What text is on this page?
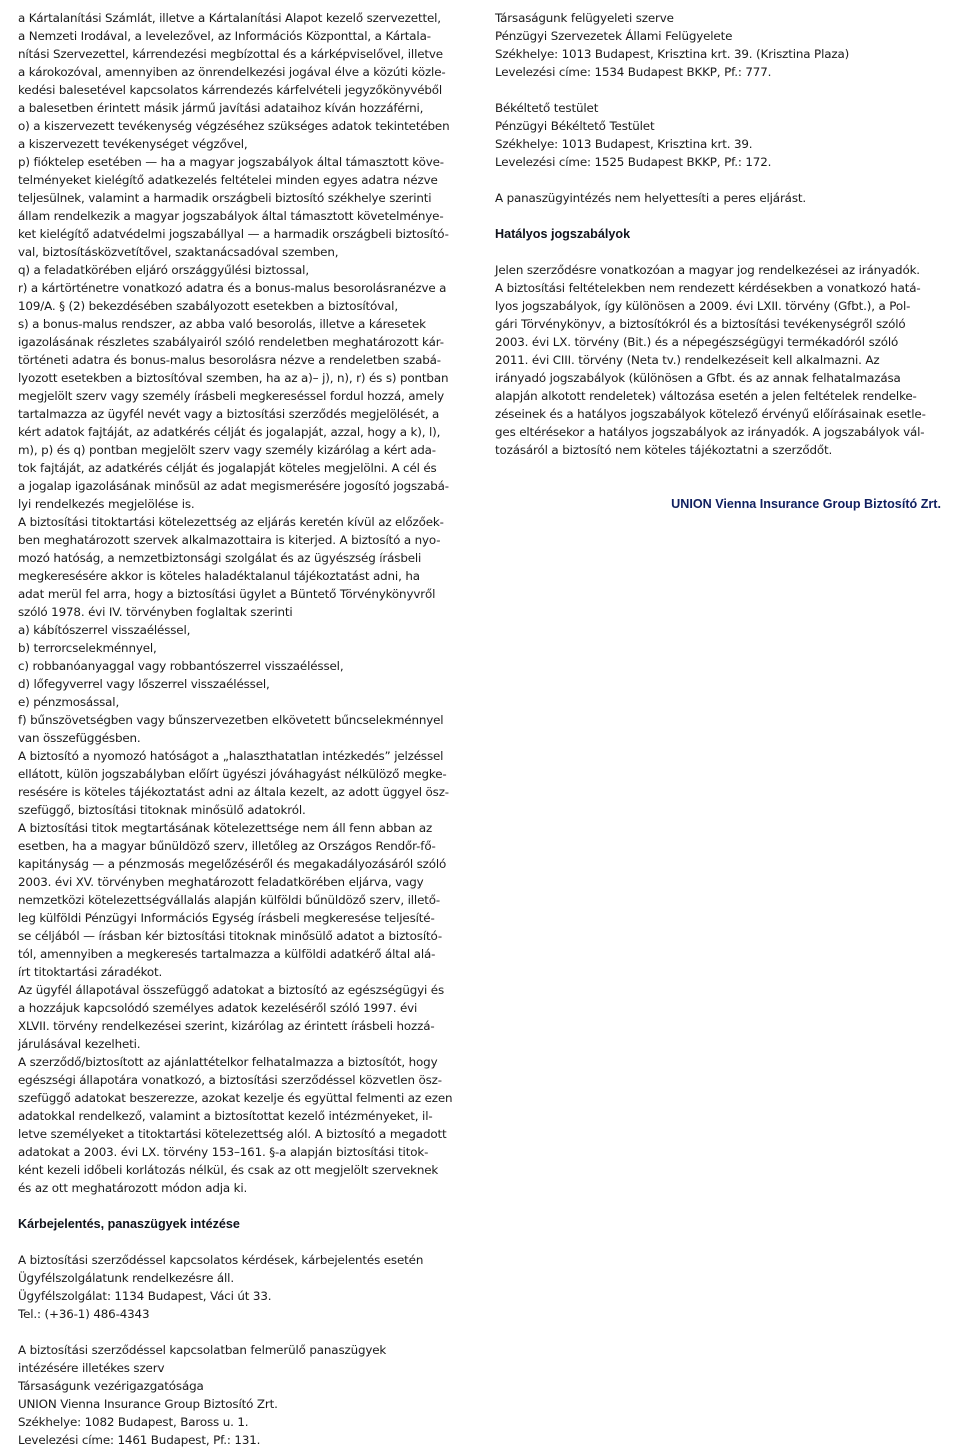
a Kártalanítási Számlát, illetve a Kártalanítási Alapot kezelő szervezettel,
a Nemzeti Irodával, a levelezővel, az Információs Központtal, a Kártala-
nítási Szervezettel, kárrendezési megbízottal és a kárképviselővel, illetve
a károkozóval, amennyiben az önrendelkezési jogával élve a közúti közle-
kedési balesetével kapcsolatos kárrendezés kárfelvételi jegyzőkönyvéből
a balesetben érintett másik jármű javítási adataihoz kíván hozzáférni,
o) a kiszervezett tevékenység végzéséhez szükséges adatok tekintetében
a kiszervezett tevékenységet végzővel,
p) fióktelep esetében — ha a magyar jogszabályok által támasztott köve-
telményeket kielégítő adatkezelés feltételei minden egyes adatra nézve
teljesülnek, valamint a harmadik országbeli biztosító székhelye szerinti
állam rendelkezik a magyar jogszabályok által támasztott követelménye-
ket kielégítő adatvédelmi jogszabállyal — a harmadik országbeli biztosító-
val, biztosításközvetítővel, szaktanácsadóval szemben,
q) a feladatkörében eljáró országgyűlési biztossal,
r) a kártörténetre vonatkozó adatra és a bonus-malus besorolásranézve a
109/A. § (2) bekezdésében szabályozott esetekben a biztosítóval,
s) a bonus-malus rendszer, az abba való besorolás, illetve a káresetek
igazolásának részletes szabályairól szóló rendeletben meghatározott kár-
történeti adatra és bonus-malus besorolásra nézve a rendeletben szabá-
lyozott esetekben a biztosítóval szemben, ha az a)– j), n), r) és s) pontban
megjelölt szerv vagy személy írásbeli megkereséssel fordul hozzá, amely
tartalmazza az ügyfél nevét vagy a biztosítási szerződés megjelölését, a
kért adatok fajtáját, az adatkérés célját és jogalapját, azzal, hogy a k), l),
m), p) és q) pontban megjelölt szerv vagy személy kizárólag a kért ada-
tok fajtáját, az adatkérés célját és jogalapját köteles megjelölni. A cél és
a jogalap igazolásának minősül az adat megismerésére jogosító jogszabá-
lyi rendelkezés megjelölése is.
A biztosítási titoktartási kötelezettség az eljárás keretén kívül az előzőek-
ben meghatározott szervek alkalmazottaira is kiterjed. A biztosító a nyo-
mozó hatóság, a nemzetbiztonsági szolgálat és az ügyészség írásbeli
megkeresésére akkor is köteles haladéktalanul tájékoztatást adni, ha
adat merül fel arra, hogy a biztosítási ügylet a Büntető Törvénykönyvről
szóló 1978. évi IV. törvényben foglaltak szerinti
a) kábítószerrel visszaéléssel,
b) terrorcselekménnyel,
c) robbanóanyaggal vagy robbantószerrel visszaéléssel,
d) lőfegyverrel vagy lőszerrel visszaéléssel,
e) pénzmosással,
f) bűnszövetségben vagy bűnszervezetben elkövetett bűncselekménnyel
van összefüggésben.
A biztosító a nyomozó hatóságot a „halaszthatatlan intézkedés” jelzéssel
ellátott, külön jogszabályban előírt ügyészi jóváhagyást nélkülöző megke-
resésére is köteles tájékoztatást adni az általa kezelt, az adott üggyel ösz-
szefüggő, biztosítási titoknak minősülő adatokról.
A biztosítási titok megtartásának kötelezettsége nem áll fenn abban az
esetben, ha a magyar bűnüldöző szerv, illetőleg az Országos Rendőr-fő-
kapitányság — a pénzmosás megelőzéséről és megakadályozásáról szóló
2003. évi XV. törvényben meghatározott feladatkörében eljárva, vagy
nemzetközi kötelezettségvállalás alapján külföldi bűnüldöző szerv, illető-
leg külföldi Pénzügyi Információs Egység írásbeli megkeresése teljesíté-
se céljából — írásban kér biztosítási titoknak minősülő adatot a biztosító-
tól, amennyiben a megkeresés tartalmazza a külföldi adatkérő által alá-
írt titoktartási záradékot.
Az ügyfél állapotával összefüggő adatokat a biztosító az egészségügyi és
a hozzájuk kapcsolódó személyes adatok kezeléséről szóló 1997. évi
XLVII. törvény rendelkezései szerint, kizárólag az érintett írásbeli hozzá-
járulásával kezelheti.
A szerződő/biztosított az ajánlattételkor felhatalmazza a biztosítót, hogy
egészségi állapotára vonatkozó, a biztosítási szerződéssel közvetlen ösz-
szefüggő adatokat beszerezze, azokat kezelje és együttal felmenti az ezen
adatokkal rendelkező, valamint a biztosítottat kezelő intézményeket, il-
letve személyeket a titoktartási kötelezettség alól. A biztosító a megadott
adatokat a 2003. évi LX. törvény 153–161. §-a alapján biztosítási titok-
ként kezeli időbeli korlátozás nélkül, és csak az ott megjelölt szerveknek
és az ott meghatározott módon adja ki.
Kárbejelentés, panaszügyek intézése
A biztosítási szerződéssel kapcsolatos kérdések, kárbejelentés esetén
Ügyfélszolgálatunk rendelkezésre áll.
Ügyfélszolgálat: 1134 Budapest, Váci út 33.
Tel.: (+36-1) 486-4343
A biztosítási szerződéssel kapcsolatban felmerülő panaszügyek
intézésére illetékes szerv
Társaságunk vezérigazgatósága
UNION Vienna Insurance Group Biztosító Zrt.
Székhelye: 1082 Budapest, Baross u. 1.
Levelezési címe: 1461 Budapest, Pf.: 131.
Társaságunk felügyeleti szerve
Pénzügyi Szervezetek Állami Felügyelete
Székhelye: 1013 Budapest, Krisztina krt. 39. (Krisztina Plaza)
Levelezési címe: 1534 Budapest BKKP, Pf.: 777.
Békéltető testület
Pénzügyi Békéltető Testület
Székhelye: 1013 Budapest, Krisztina krt. 39.
Levelezési címe: 1525 Budapest BKKP, Pf.: 172.
A panaszügyintézés nem helyettesíti a peres eljárást.
Hatályos jogszabályok
Jelen szerződésre vonatkozóan a magyar jog rendelkezései az irányadók.
A biztosítási feltételekben nem rendezett kérdésekben a vonatkozó hatá-
lyos jogszabályok, így különösen a 2009. évi LXII. törvény (Gfbt.), a Pol-
gári Törvénykönyv, a biztosítókról és a biztosítási tevékenységről szóló
2003. évi LX. törvény (Bit.) és a népegészségügyi termékadóról szóló
2011. évi CIII. törvény (Neta tv.) rendelkezéseit kell alkalmazni. Az
irányadó jogszabályok (különösen a Gfbt. és az annak felhatalmazása
alapján alkotott rendeletek) változása esetén a jelen feltételek rendelke-
zéseinek és a hatályos jogszabályok kötelező érvényű előírásainak esetle-
ges eltérésekor a hatályos jogszabályok az irányadók. A jogszabályok vál-
tozásáról a biztosító nem köteles tájékoztatni a szerződőt.
UNION Vienna Insurance Group Biztosító Zrt.
